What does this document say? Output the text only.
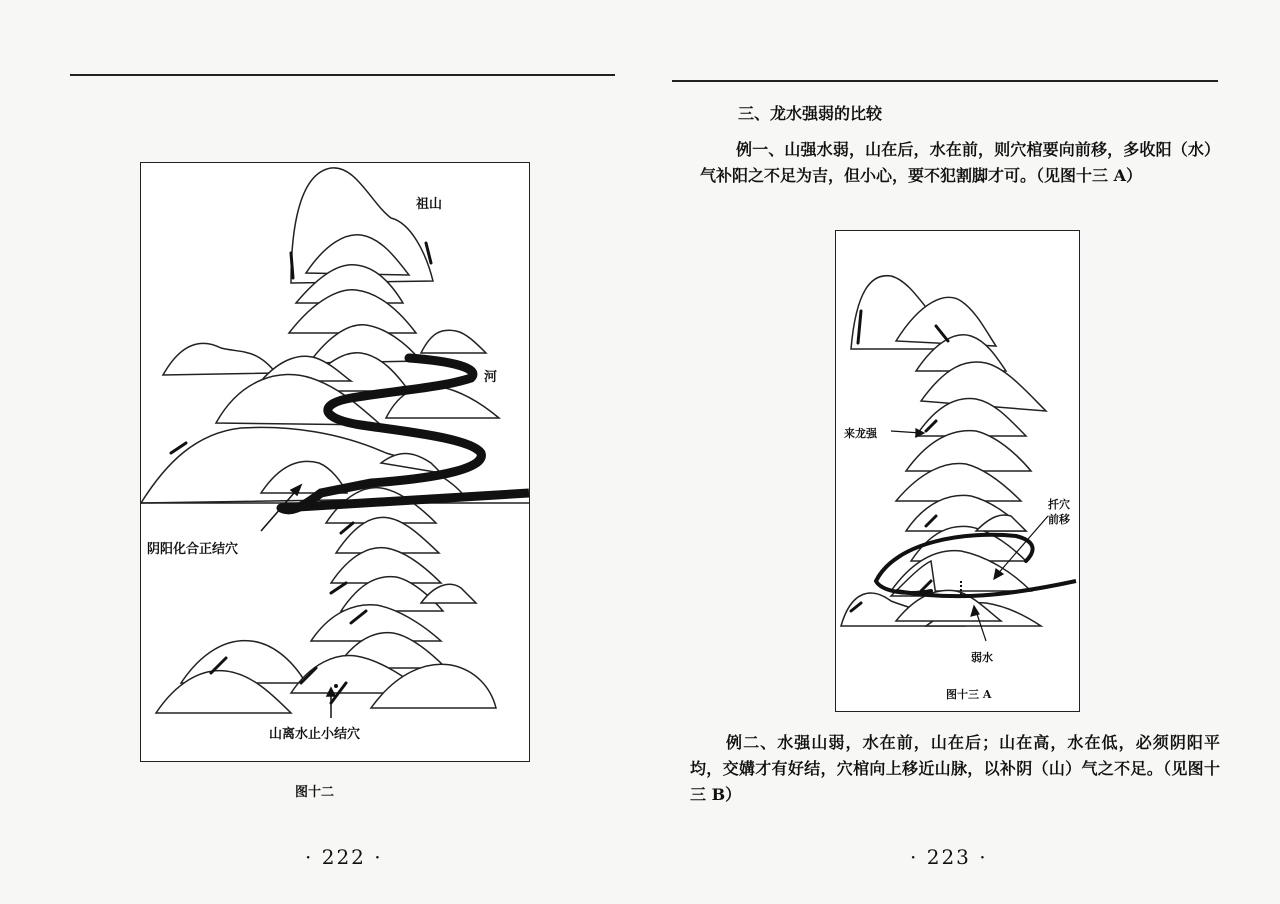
祖山
河
阴阳化合正结穴
山离水止小结穴
图十二
· 222 ·
三、龙水强弱的比较
例一、山强水弱，山在后，水在前，则穴棺要向前移，多收阳（水）气补阳之不足为吉，但小心，要不犯割脚才可。（见图十三 A）
来龙强
扦穴
前移
弱水
图十三 A
例二、水强山弱，水在前，山在后；山在高，水在低，必须阴阳平均，交媾才有好结，穴棺向上移近山脉，以补阴（山）气之不足。（见图十三 B）
· 223 ·
